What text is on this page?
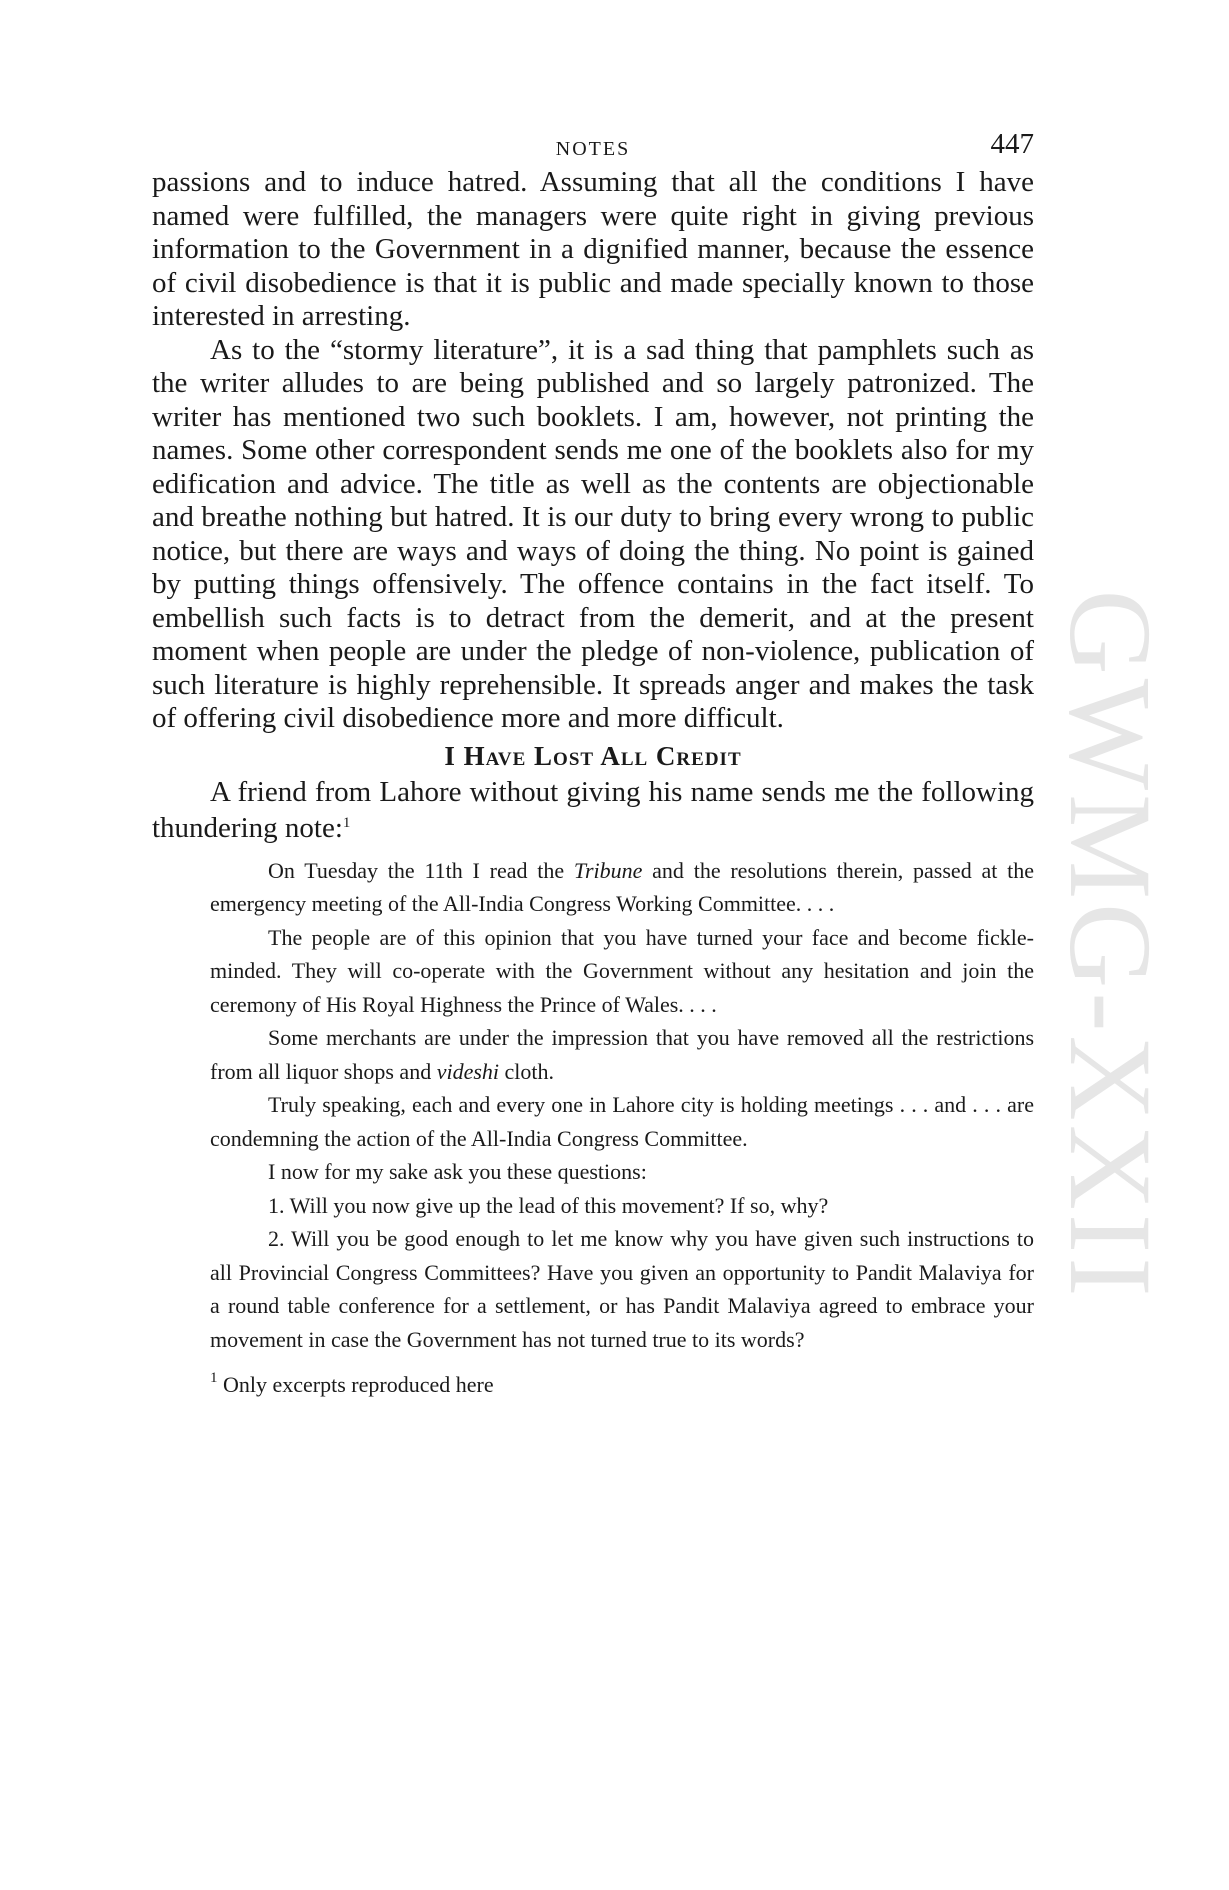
GWMG-XXII
NOTES	447

passions and to induce hatred. Assuming that all the conditions I have named were fulfilled, the managers were quite right in giving previous information to the Government in a dignified manner, because the essence of civil disobedience is that it is public and made specially known to those interested in arresting.

As to the “stormy literature”, it is a sad thing that pamphlets such as the writer alludes to are being published and so largely patronized. The writer has mentioned two such booklets. I am, however, not printing the names. Some other correspondent sends me one of the booklets also for my edification and advice. The title as well as the contents are objectionable and breathe nothing but hatred. It is our duty to bring every wrong to public notice, but there are ways and ways of doing the thing. No point is gained by putting things offensively. The offence contains in the fact itself. To embellish such facts is to detract from the demerit, and at the present moment when people are under the pledge of non-violence, publication of such literature is highly reprehensible. It spreads anger and makes the task of offering civil disobedience more and more difficult.

I Have Lost All Credit

A friend from Lahore without giving his name sends me the following thundering note:$^1$

On Tuesday the 11th I read the Tribune and the resolutions therein, passed at the emergency meeting of the All-India Congress Working Committee. . . .

The people are of this opinion that you have turned your face and become fickle-minded. They will co-operate with the Government without any hesitation and join the ceremony of His Royal Highness the Prince of Wales. . . .

Some merchants are under the impression that you have removed all the restrictions from all liquor shops and videshi cloth.

Truly speaking, each and every one in Lahore city is holding meetings . . . and . . . are condemning the action of the All-India Congress Committee.

I now for my sake ask you these questions:

1. Will you now give up the lead of this movement? If so, why?

2. Will you be good enough to let me know why you have given such instructions to all Provincial Congress Committees? Have you given an opportunity to Pandit Malaviya for a round table conference for a settlement, or has Pandit Malaviya agreed to embrace your movement in case the Government has not turned true to its words?

$^1$ Only excerpts reproduced here
